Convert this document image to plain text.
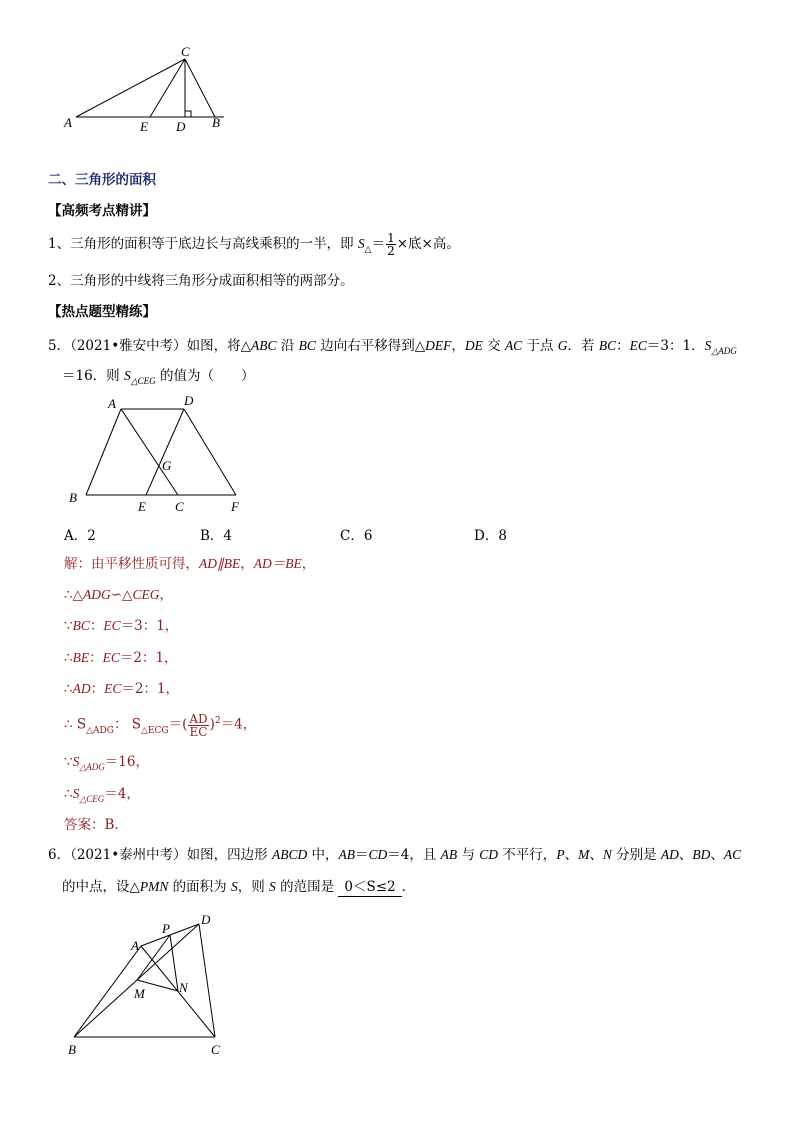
C
A	E D B
二、三角形的面积
【高频考点精讲】
1、三角形的面积等于底边长与高线乘积的一半，即 $S_\triangle= \frac{1}{2}$ ×底×高。
2、三角形的中线将三角形分成面积相等的两部分。
【热点题型精练】
5．（2021•雅安中考）如图，将△ABC 沿 BC 边向右平移得到△DEF，DE 交 AC 于点 G．若 BC：EC＝3：1．$S_{\triangle ADG}$
＝16．则 $S_{\triangle CEG}$ 的值为（　　）
A	D
G
B
E C	F
A．2	B．4	C．6	D．8
解：由平移性质可得，AD∥BE，AD＝BE，
∴△ADG∽△CEG，
∵BC：EC＝3：1，
∴BE：EC＝2：1，
∴AD：EC＝2：1，
∴ $S_{\triangle ADG}$： $S_{\triangle ECG}=( \frac{AD}{EC} )^2=4$，
$\because S_{\triangle ADG}=16$，
$\therefore S_{\triangle CEG}=4$，
答案：B．
6．（2021•泰州中考）如图，四边形 ABCD 中，AB＝CD＝4，且 AB 与 CD 不平行，P、M、N 分别是 AD、BD、AC
的中点，设△PMN 的面积为 S，则 S 的范围是 0＜S≤2 ．
A
P
D
M	N
B	C
